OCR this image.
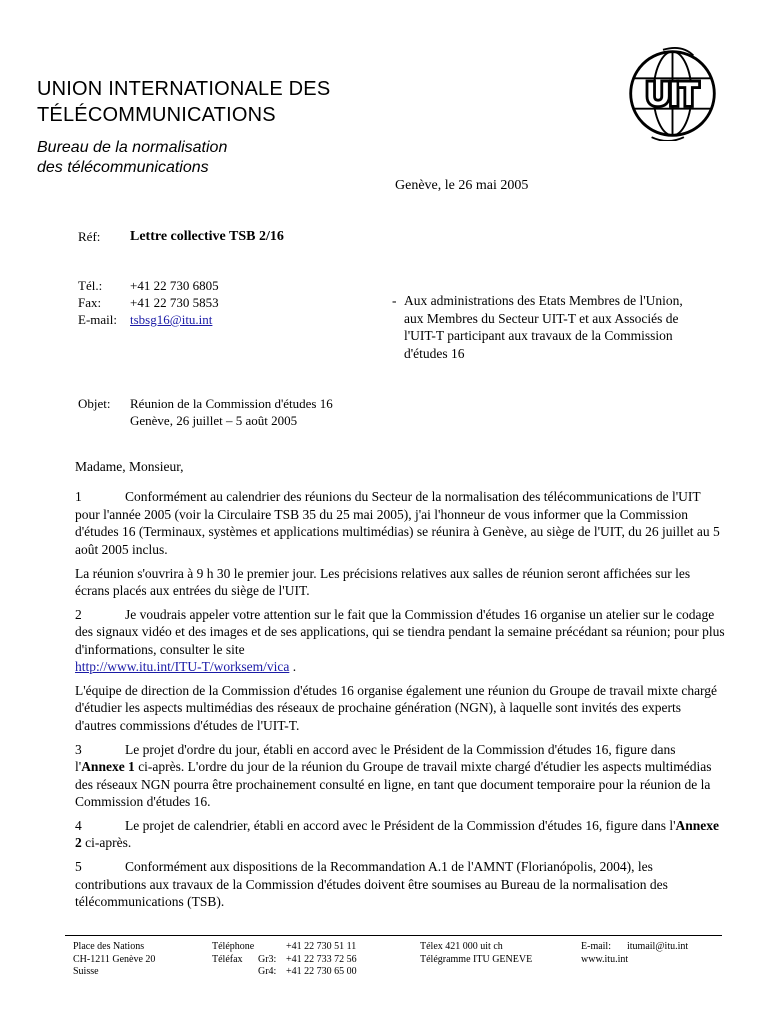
UNION INTERNATIONALE DES
TÉLÉCOMMUNICATIONS
Bureau de la normalisation
des télécommunications
UIT
Genève, le 26 mai 2005
Réf:	Lettre collective TSB 2/16
Tél.:	+41 22 730 6805
Fax:	+41 22 730 5853
E-mail:	tsbsg16@itu.int
- Aux administrations des Etats Membres de l'Union, aux Membres du Secteur UIT-T et aux Associés de l'UIT-T participant aux travaux de la Commission d'études 16
Objet:	Réunion de la Commission d'études 16
Genève, 26 juillet – 5 août 2005

Madame, Monsieur,

1	Conformément au calendrier des réunions du Secteur de la normalisation des télécommunications de l'UIT pour l'année 2005 (voir la Circulaire TSB 35 du 25 mai 2005), j'ai l'honneur de vous informer que la Commission d'études 16 (Terminaux, systèmes et applications multimédias) se réunira à Genève, au siège de l'UIT, du 26 juillet au 5 août 2005 inclus.

La réunion s'ouvrira à 9 h 30 le premier jour. Les précisions relatives aux salles de réunion seront affichées sur les écrans placés aux entrées du siège de l'UIT.

2	Je voudrais appeler votre attention sur le fait que la Commission d'études 16 organise un atelier sur le codage des signaux vidéo et des images et de ses applications, qui se tiendra pendant la semaine précédant sa réunion; pour plus d'informations, consulter le site
http://www.itu.int/ITU-T/worksem/vica .

L'équipe de direction de la Commission d'études 16 organise également une réunion du Groupe de travail mixte chargé d'étudier les aspects multimédias des réseaux de prochaine génération (NGN), à laquelle sont invités des experts d'autres commissions d'études de l'UIT-T.

3	Le projet d'ordre du jour, établi en accord avec le Président de la Commission d'études 16, figure dans l'Annexe 1 ci-après. L'ordre du jour de la réunion du Groupe de travail mixte chargé d'étudier les aspects multimédias des réseaux NGN pourra être prochainement consulté en ligne, en tant que document temporaire pour la réunion de la Commission d'études 16.

4	Le projet de calendrier, établi en accord avec le Président de la Commission d'études 16, figure dans l'Annexe 2 ci-après.

5	Conformément aux dispositions de la Recommandation A.1 de l'AMNT (Florianópolis, 2004), les contributions aux travaux de la Commission d'études doivent être soumises au Bureau de la normalisation des télécommunications (TSB).

Place des Nations
CH-1211 Genève 20
Suisse
Téléphone	+41 22 730 51 11
Téléfax Gr3: +41 22 733 72 56
Gr4: +41 22 730 65 00
Télex 421 000 uit ch
Télégramme ITU GENEVE
E-mail: itumail@itu.int
www.itu.int
